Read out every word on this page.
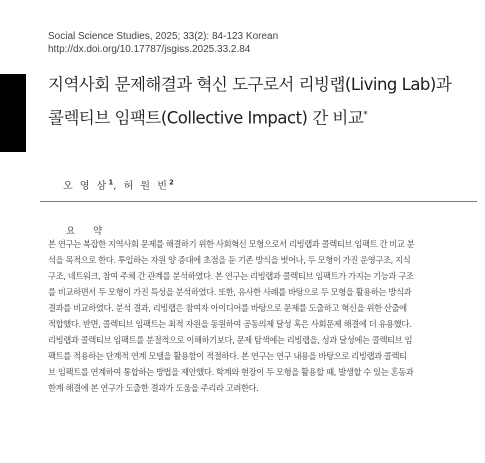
Social Science Studies, 2025; 33(2): 84-123 Korean
http://dx.doi.org/10.17787/jsgiss.2025.33.2.84
지역사회 문제해결과 혁신 도구로서 리빙랩(Living Lab)과
콜렉티브 임팩트(Collective Impact) 간 비교*
오 영 삼$^1$, 허 원 빈$^2$
요약
본 연구는 복잡한 지역사회 문제를 해결하기 위한 사회혁신 모형으로서 리빙랩과 콜렉티브 임팩트 간 비교 분
석을 목적으로 한다. 투입하는 자원 양 증대에 초점을 둔 기존 방식을 벗어나, 두 모형이 가진 운영구조, 지식
구조, 네트워크, 참여 주체 간 관계를 분석하였다. 본 연구는 리빙랩과 콜렉티브 임팩트가 가지는 기능과 구조
를 비교하면서 두 모형이 가진 특성을 분석하였다. 또한, 유사한 사례를 바탕으로 두 모형을 활용하는 방식과
결과를 비교하였다. 분석 결과, 리빙랩은 참여자 아이디어를 바탕으로 문제를 도출하고 혁신을 위한 산출에
적합했다. 반면, 콜렉티브 임팩트는 최적 자원을 동원하여 공동의제 달성 혹은 사회문제 해결에 더 유용했다.
리빙랩과 콜렉티브 임팩트를 분절적으로 이해하기보다, 문제 탐색에는 리빙랩을, 성과 달성에는 콜렉티브 임
팩트를 적용하는 단계적 연계 모델을 활용함이 적절하다. 본 연구는 연구 내용을 바탕으로 리빙랩과 콜렉티
브 임팩트를 연계하여 통합하는 방법을 제안했다. 학계와 현장이 두 모형을 활용할 때, 발생할 수 있는 혼동과
한계 해결에 본 연구가 도출한 결과가 도움을 주리라 고려한다.
